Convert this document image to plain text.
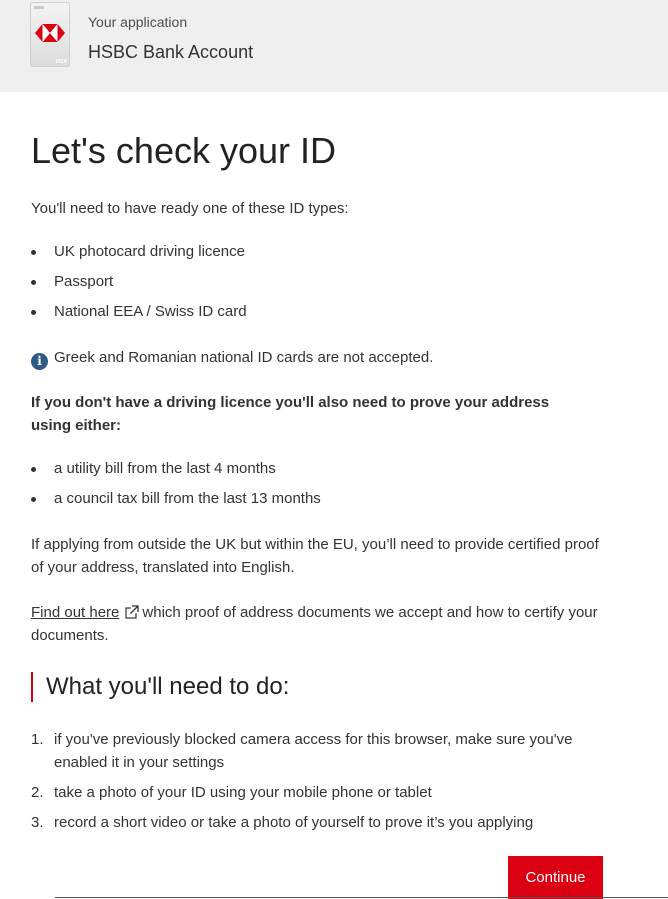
VISA
Your application
HSBC Bank Account
Let's check your ID
You'll need to have ready one of these ID types:
UK photocard driving licence
Passport
National EEA / Swiss ID card
i Greek and Romanian national ID cards are not accepted.
If you don't have a driving licence you'll also need to prove your address using either:
a utility bill from the last 4 months
a council tax bill from the last 13 months
If applying from outside the UK but within the EU, you’ll need to provide certified proof of your address, translated into English.
Find out here which proof of address documents we accept and how to certify your documents.
What you'll need to do:
1. if you've previously blocked camera access for this browser, make sure you've enabled it in your settings
2. take a photo of your ID using your mobile phone or tablet
3. record a short video or take a photo of yourself to prove it’s you applying
Continue
